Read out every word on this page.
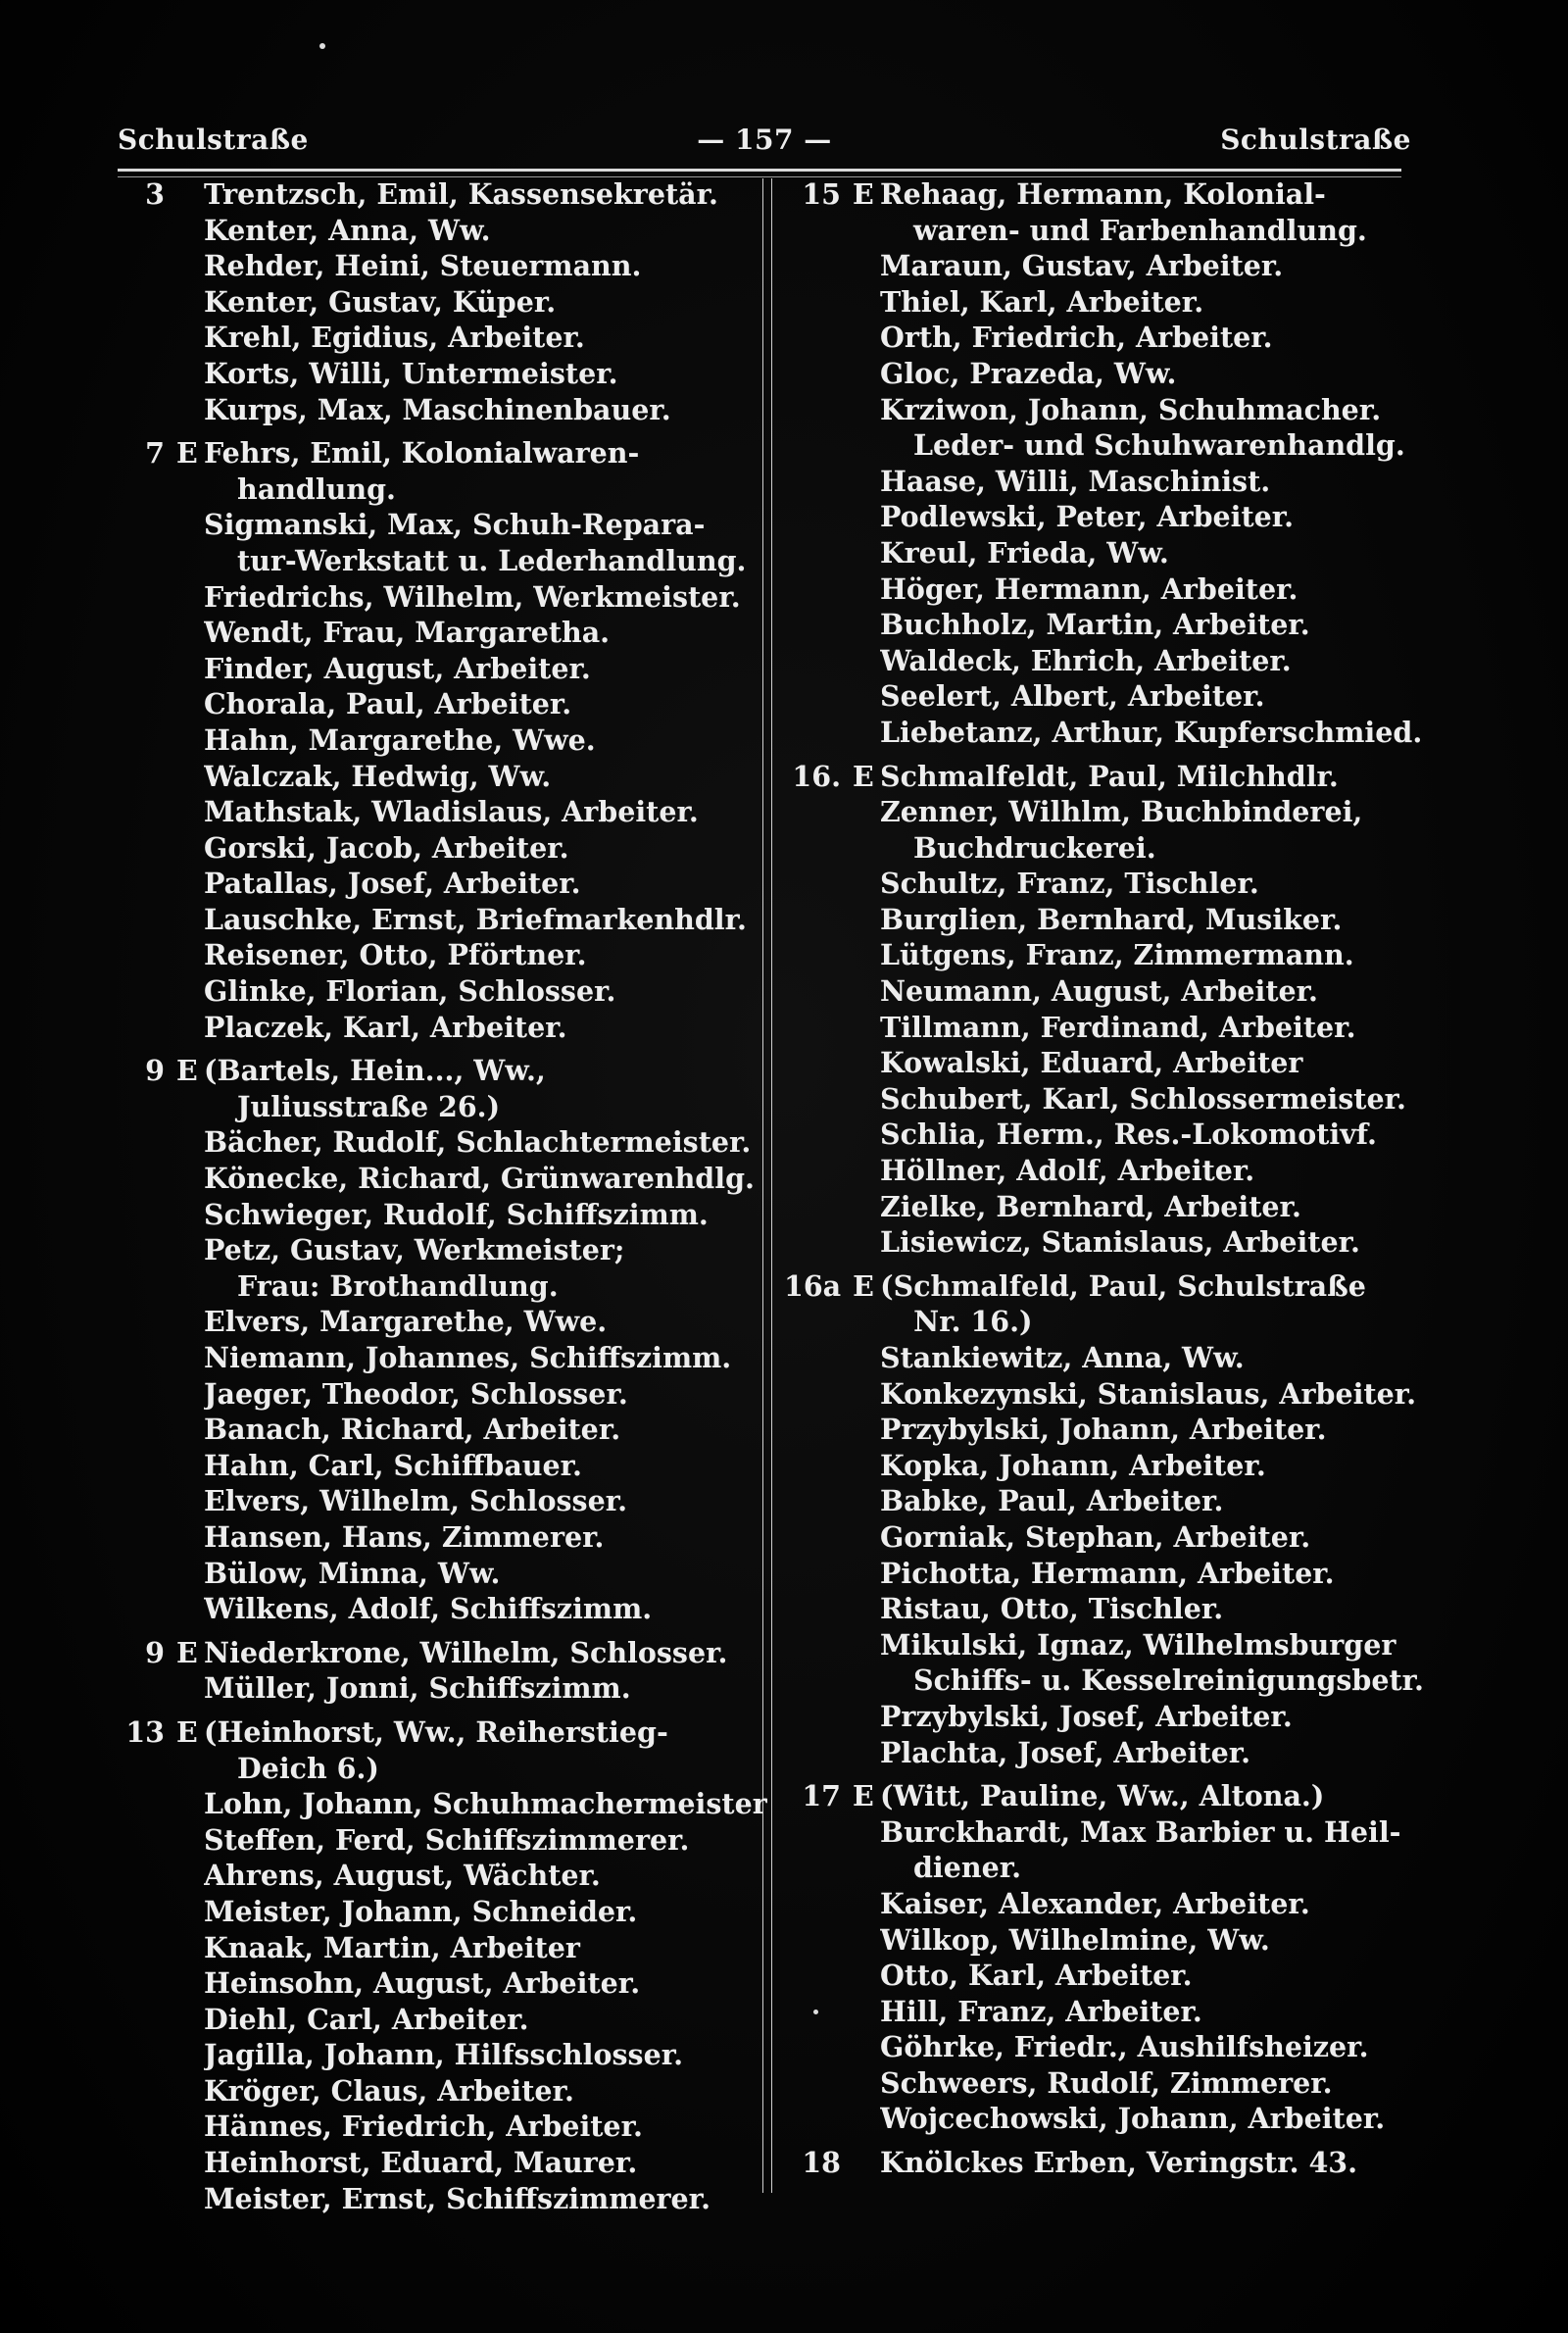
Schulstraße	— 157 —	Schulstraße
3	Trentzsch, Emil, Kassensekretär.
Kenter, Anna, Ww.
Rehder, Heini, Steuermann.
Kenter, Gustav, Küper.
Krehl, Egidius, Arbeiter.
Korts, Willi, Untermeister.
Kurps, Max, Maschinenbauer.
7 E Fehrs, Emil, Kolonialwaren-
handlung.
Sigmanski, Max, Schuh-Repara-
tur-Werkstatt u. Lederhandlung.
Friedrichs, Wilhelm, Werkmeister.
Wendt, Frau, Margaretha.
Finder, August, Arbeiter.
Chorala, Paul, Arbeiter.
Hahn, Margarethe, Wwe.
Walczak, Hedwig, Ww.
Mathstak, Wladislaus, Arbeiter.
Gorski, Jacob, Arbeiter.
Patallas, Josef, Arbeiter.
Lauschke, Ernst, Briefmarkenhdlr.
Reisener, Otto, Pförtner.
Glinke, Florian, Schlosser.
Placzek, Karl, Arbeiter.
9 E (Bartels, Hein..., Ww.,
Juliusstraße 26.)
Bächer, Rudolf, Schlachtermeister.
Könecke, Richard, Grünwarenhdlg.
Schwieger, Rudolf, Schiffszimm.
Petz, Gustav, Werkmeister;
Frau: Brothandlung.
Elvers, Margarethe, Wwe.
Niemann, Johannes, Schiffszimm.
Jaeger, Theodor, Schlosser.
Banach, Richard, Arbeiter.
Hahn, Carl, Schiffbauer.
Elvers, Wilhelm, Schlosser.
Hansen, Hans, Zimmerer.
Bülow, Minna, Ww.
Wilkens, Adolf, Schiffszimm.
9 E Niederkrone, Wilhelm, Schlosser.
Müller, Jonni, Schiffszimm.
13 E (Heinhorst, Ww., Reiherstieg-
Deich 6.)
Lohn, Johann, Schuhmachermeister
Steffen, Ferd, Schiffszimmerer.
Ahrens, August, Wächter.
Meister, Johann, Schneider.
Knaak, Martin, Arbeiter
Heinsohn, August, Arbeiter.
Diehl, Carl, Arbeiter.
Jagilla, Johann, Hilfsschlosser.
Kröger, Claus, Arbeiter.
Hännes, Friedrich, Arbeiter.
Heinhorst, Eduard, Maurer.
Meister, Ernst, Schiffszimmerer.
15 E Rehaag, Hermann, Kolonial-
waren- und Farbenhandlung.
Maraun, Gustav, Arbeiter.
Thiel, Karl, Arbeiter.
Orth, Friedrich, Arbeiter.
Gloc, Prazeda, Ww.
Krziwon, Johann, Schuhmacher.
Leder- und Schuhwarenhandlg.
Haase, Willi, Maschinist.
Podlewski, Peter, Arbeiter.
Kreul, Frieda, Ww.
Höger, Hermann, Arbeiter.
Buchholz, Martin, Arbeiter.
Waldeck, Ehrich, Arbeiter.
Seelert, Albert, Arbeiter.
Liebetanz, Arthur, Kupferschmied.
16. E Schmalfeldt, Paul, Milchhdlr.
Zenner, Wilhlm, Buchbinderei,
Buchdruckerei.
Schultz, Franz, Tischler.
Burglien, Bernhard, Musiker.
Lütgens, Franz, Zimmermann.
Neumann, August, Arbeiter.
Tillmann, Ferdinand, Arbeiter.
Kowalski, Eduard, Arbeiter
Schubert, Karl, Schlossermeister.
Schlia, Herm., Res.-Lokomotivf.
Höllner, Adolf, Arbeiter.
Zielke, Bernhard, Arbeiter.
Lisiewicz, Stanislaus, Arbeiter.
16a E (Schmalfeld, Paul, Schulstraße
Nr. 16.)
Stankiewitz, Anna, Ww.
Konkezynski, Stanislaus, Arbeiter.
Przybylski, Johann, Arbeiter.
Kopka, Johann, Arbeiter.
Babke, Paul, Arbeiter.
Gorniak, Stephan, Arbeiter.
Pichotta, Hermann, Arbeiter.
Ristau, Otto, Tischler.
Mikulski, Ignaz, Wilhelmsburger
Schiffs- u. Kesselreinigungsbetr.
Przybylski, Josef, Arbeiter.
Plachta, Josef, Arbeiter.
17 E (Witt, Pauline, Ww., Altona.)
Burckhardt, Max Barbier u. Heil-
diener.
Kaiser, Alexander, Arbeiter.
Wilkop, Wilhelmine, Ww.
Otto, Karl, Arbeiter.
Hill, Franz, Arbeiter.
Göhrke, Friedr., Aushilfsheizer.
Schweers, Rudolf, Zimmerer.
Wojcechowski, Johann, Arbeiter.
18	Knölckes Erben, Veringstr. 43.
